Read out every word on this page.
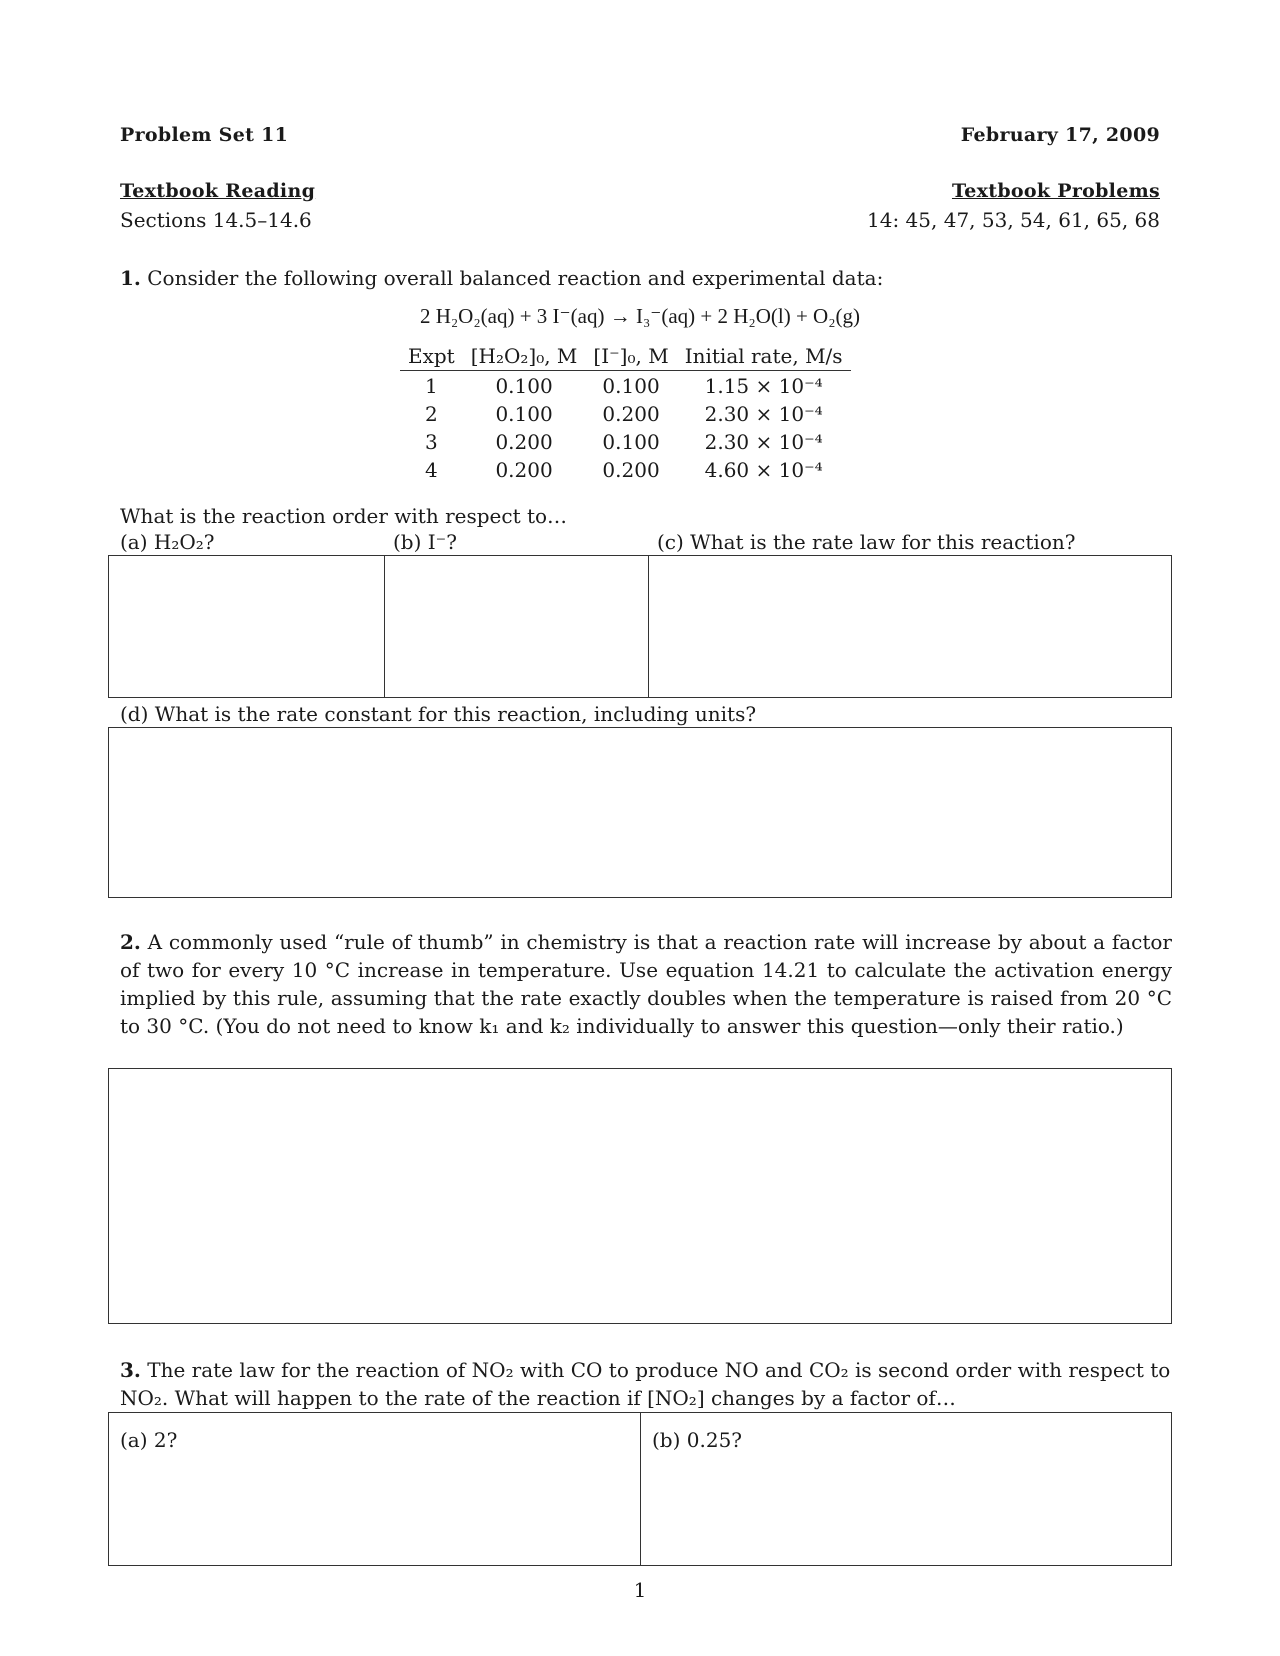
Problem Set 11	February 17, 2009
Textbook Reading
Sections 14.5–14.6
Textbook Problems
14: 45, 47, 53, 54, 61, 65, 68
1. Consider the following overall balanced reaction and experimental data:
2 H₂O₂(aq) + 3 I⁻(aq) → I₃⁻(aq) + 2 H₂O(l) + O₂(g)
Expt	[H₂O₂]₀, M	[I⁻]₀, M	Initial rate, M/s
1	0.100	0.100	1.15 × 10⁻⁴
2	0.100	0.200	2.30 × 10⁻⁴
3	0.200	0.100	2.30 × 10⁻⁴
4	0.200	0.200	4.60 × 10⁻⁴
What is the reaction order with respect to…
(a) H₂O₂?	(b) I⁻?	(c) What is the rate law for this reaction?
(d) What is the rate constant for this reaction, including units?
2. A commonly used “rule of thumb” in chemistry is that a reaction rate will increase by about a factor of two for every 10 °C increase in temperature. Use equation 14.21 to calculate the activation energy implied by this rule, assuming that the rate exactly doubles when the temperature is raised from 20 °C to 30 °C. (You do not need to know k₁ and k₂ individually to answer this question—only their ratio.)
3. The rate law for the reaction of NO₂ with CO to produce NO and CO₂ is second order with respect to NO₂. What will happen to the rate of the reaction if [NO₂] changes by a factor of…
(a) 2?	(b) 0.25?
1
